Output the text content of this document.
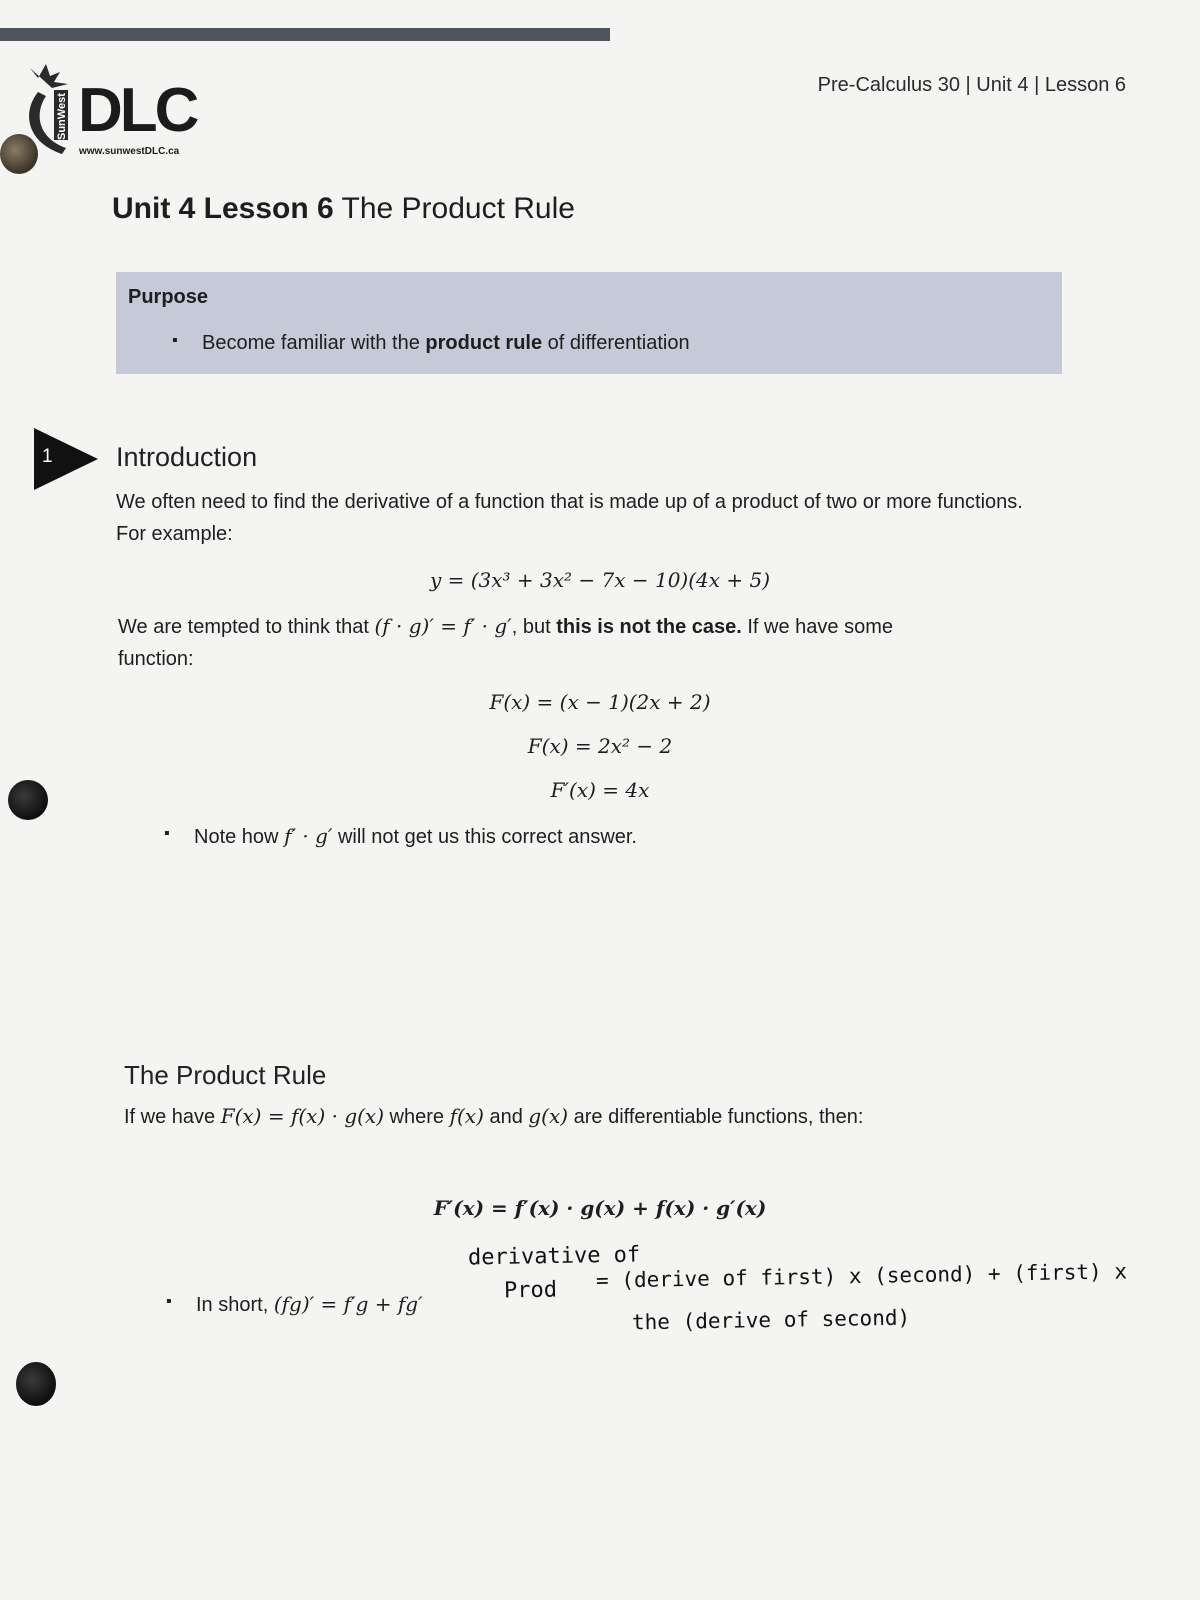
SunWest DLC
www.sunwestDLC.ca
Pre-Calculus 30 | Unit 4 | Lesson 6
Unit 4 Lesson 6 The Product Rule
Purpose
▪ Become familiar with the product rule of differentiation
1 Introduction
We often need to find the derivative of a function that is made up of a product of two or more functions. For example:
y = (3x³ + 3x² − 7x − 10)(4x + 5)
We are tempted to think that (f · g)′ = f′ · g′, but this is not the case. If we have some
function:
F(x) = (x − 1)(2x + 2)
F(x) = 2x² − 2
F′(x) = 4x
▪ Note how f′ · g′ will not get us this correct answer.
The Product Rule
If we have F(x) = f(x) · g(x) where f(x) and g(x) are differentiable functions, then:
F′(x) = f′(x) · g(x) + f(x) · g′(x)
▪ In short, (fg)′ = f′g + fg′
derivative of
Prod = (derive of first) x (second) + (first) x
the (derive of second)
